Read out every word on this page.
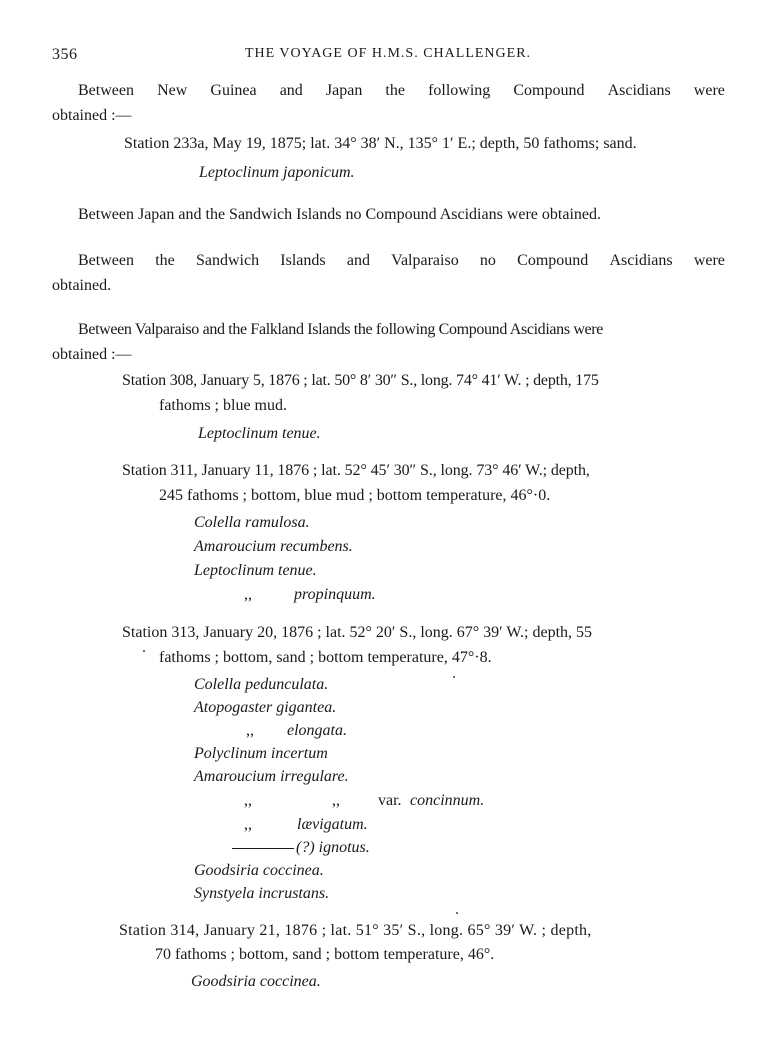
356	THE VOYAGE OF H.M.S. CHALLENGER.
Between New Guinea and Japan the following Compound Ascidians were
obtained :—
Station 233a, May 19, 1875; lat. 34° 38′ N., 135° 1′ E.; depth, 50 fathoms; sand.
Leptoclinum japonicum.
Between Japan and the Sandwich Islands no Compound Ascidians were obtained.
Between the Sandwich Islands and Valparaiso no Compound Ascidians were
obtained.
Between Valparaiso and the Falkland Islands the following Compound Ascidians were
obtained :—
Station 308, January 5, 1876 ; lat. 50° 8′ 30″ S., long. 74° 41′ W. ; depth, 175
fathoms ; blue mud.
Leptoclinum tenue.
Station 311, January 11, 1876 ; lat. 52° 45′ 30″ S., long. 73° 46′ W.; depth,
245 fathoms ; bottom, blue mud ; bottom temperature, 46°·0.
Colella ramulosa.
Amaroucium recumbens.
Leptoclinum tenue.
,,	propinquum.
Station 313, January 20, 1876 ; lat. 52° 20′ S., long. 67° 39′ W.; depth, 55
fathoms ; bottom, sand ; bottom temperature, 47°·8.
Colella pedunculata.
Atopogaster gigantea.
,, elongata.
Polyclinum incertum
Amaroucium irregulare.
,,	,, var. concinnum.
,,	lævigatum.
(?) ignotus.
Goodsiria coccinea.
Synstyela incrustans.
Station 314, January 21, 1876 ; lat. 51° 35′ S., long. 65° 39′ W. ; depth,
70 fathoms ; bottom, sand ; bottom temperature, 46°.
Goodsiria coccinea.
